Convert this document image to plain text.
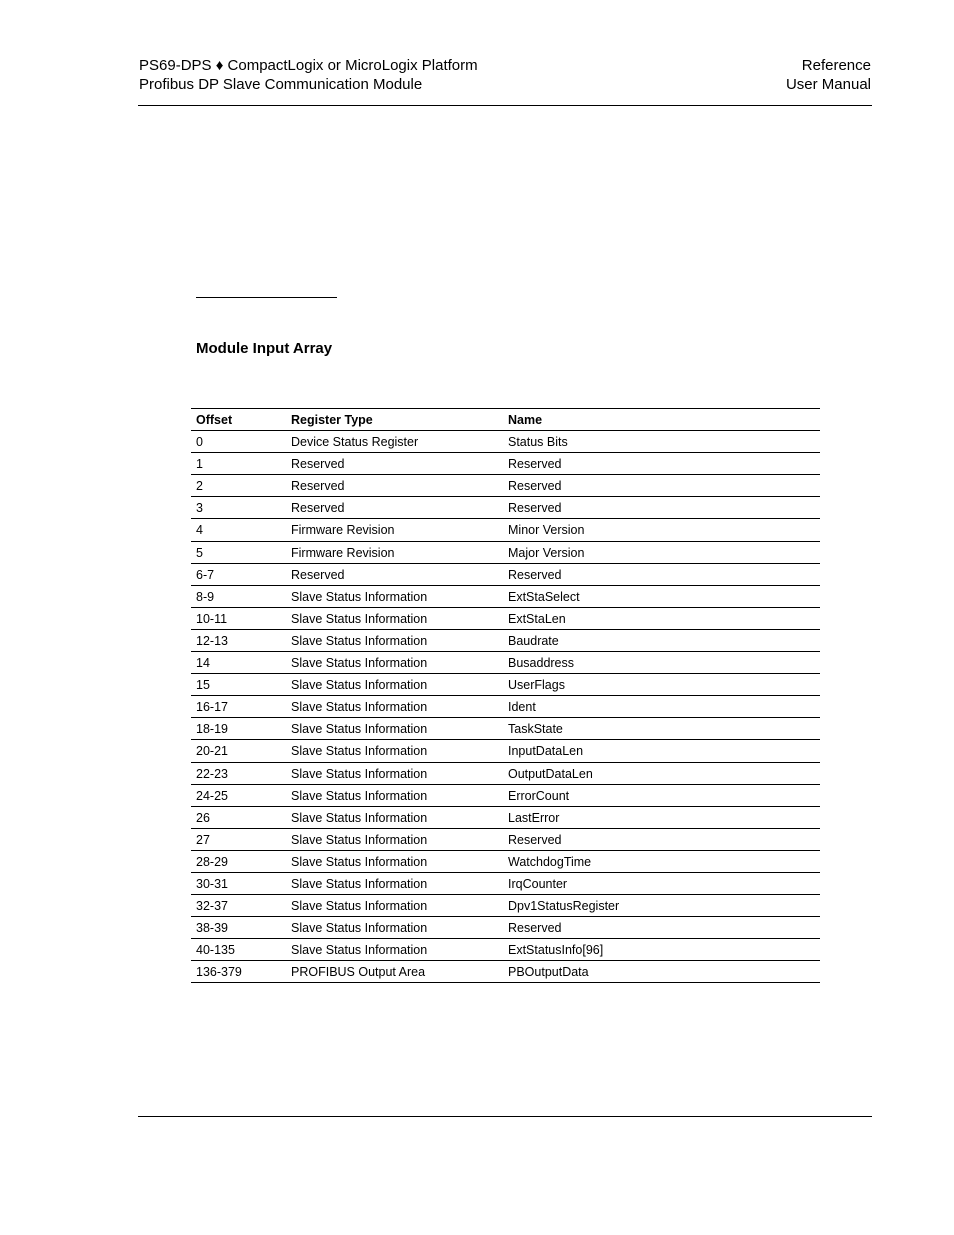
PS69-DPS ♦ CompactLogix or MicroLogix Platform
Profibus DP Slave Communication Module
Reference
User Manual
Module Input Array
Offset	Register Type	Name
0	Device Status Register	Status Bits
1	Reserved	Reserved
2	Reserved	Reserved
3	Reserved	Reserved
4	Firmware Revision	Minor Version
5	Firmware Revision	Major Version
6-7	Reserved	Reserved
8-9	Slave Status Information	ExtStaSelect
10-11	Slave Status Information	ExtStaLen
12-13	Slave Status Information	Baudrate
14	Slave Status Information	Busaddress
15	Slave Status Information	UserFlags
16-17	Slave Status Information	Ident
18-19	Slave Status Information	TaskState
20-21	Slave Status Information	InputDataLen
22-23	Slave Status Information	OutputDataLen
24-25	Slave Status Information	ErrorCount
26	Slave Status Information	LastError
27	Slave Status Information	Reserved
28-29	Slave Status Information	WatchdogTime
30-31	Slave Status Information	IrqCounter
32-37	Slave Status Information	Dpv1StatusRegister
38-39	Slave Status Information	Reserved
40-135	Slave Status Information	ExtStatusInfo[96]
136-379	PROFIBUS Output Area	PBOutputData
